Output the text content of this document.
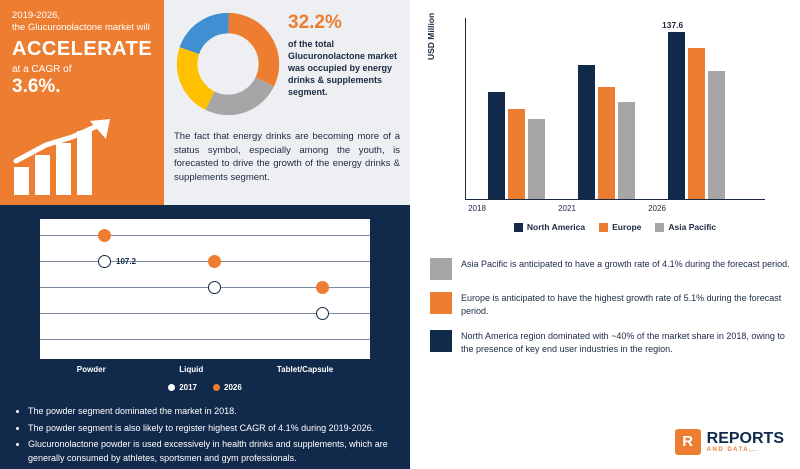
2019-2026,
the Glucuronolactone market will
ACCELERATE
at a CAGR of
3.6%.
32.2%
of the total Glucuronolactone market was occupied by energy drinks & supplements segment.
The fact that energy drinks are becoming more of a status symbol, especially among the youth, is forecasted to drive the growth of the energy drinks & supplements segment.
USD Million	137.6
2018	2021	2026
North America	Europe	Asia Pacific
107.2
Powder	Liquid	Tablet/Capsule
2017	2026
• The powder segment dominated the market in 2018.
• The powder segment is also likely to register highest CAGR of 4.1% during 2019-2026.
• Glucuronolactone powder is used excessively in health drinks and supplements, which are generally consumed by athletes, sportsmen and gym professionals.
Asia Pacific is anticipated to have a growth rate of 4.1% during the forecast period.
Europe is anticipated to have the highest growth rate of 5.1% during the forecast period.
North America region dominated with ~40% of the market share in 2018, owing to the presence of key end user industries in the region.
R REPORTS
AND DATA,..
